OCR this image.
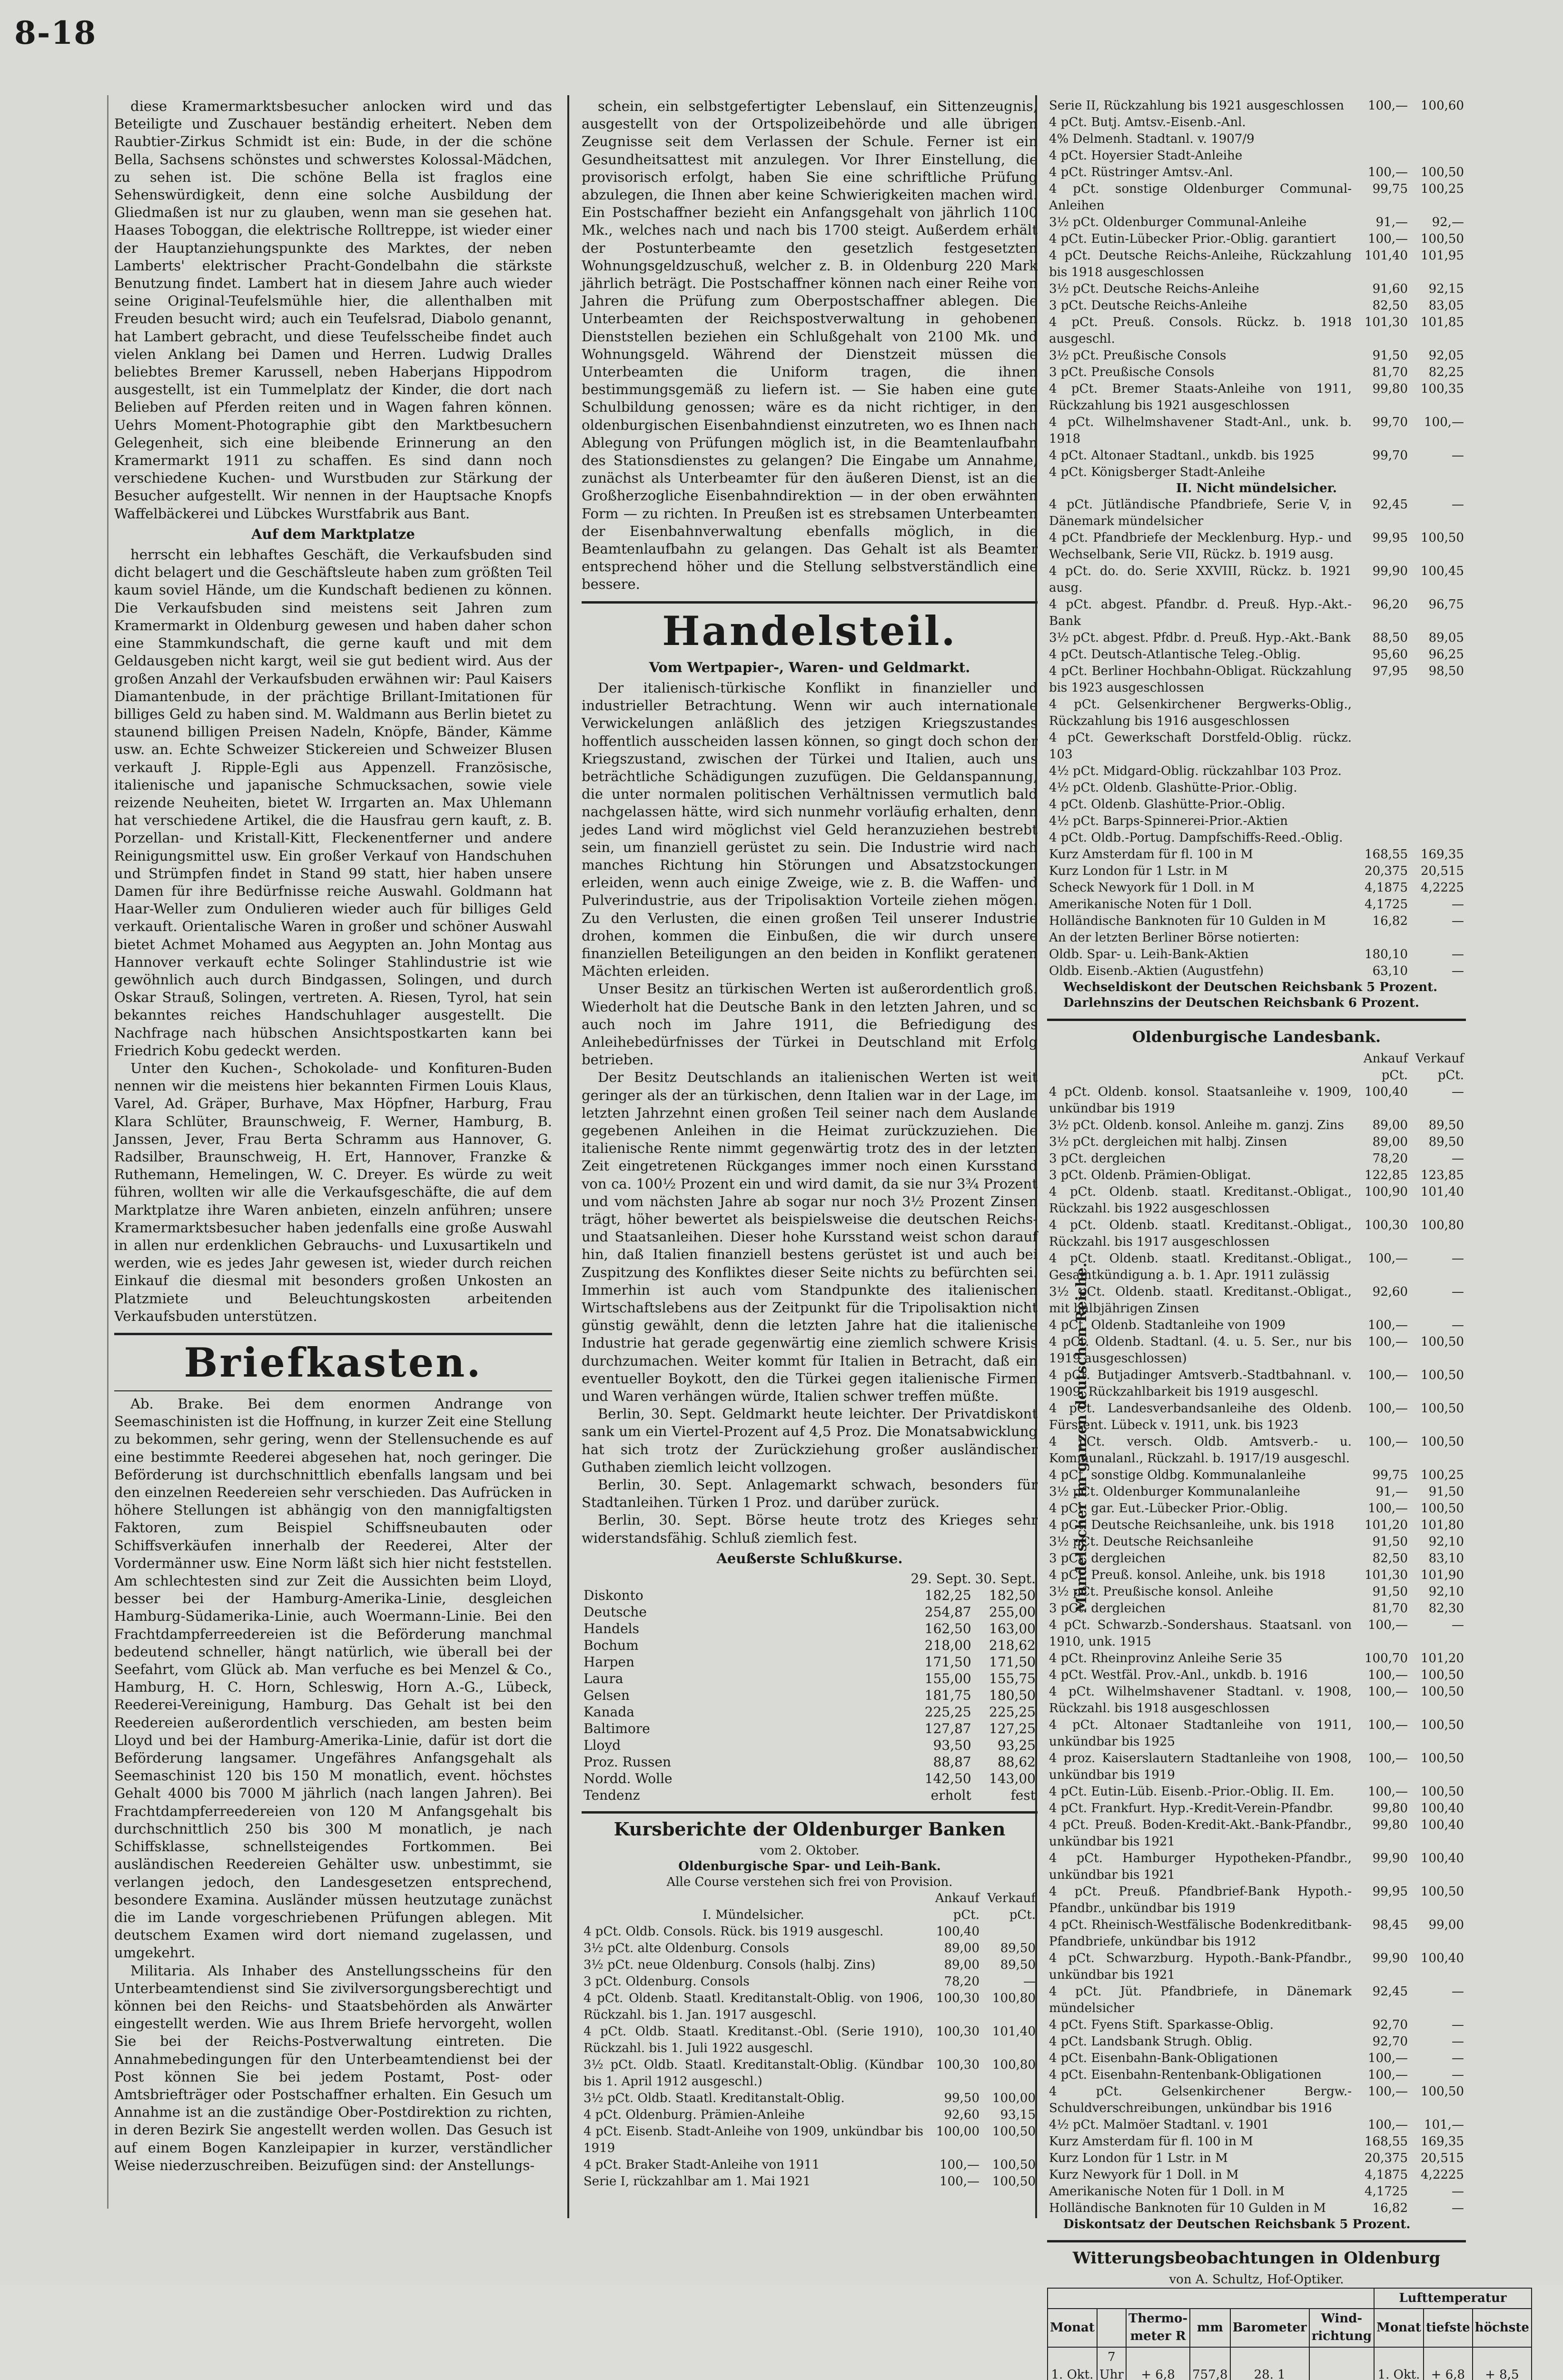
8-18

diese Kramermarktsbesucher anlocken wird und das Beteiligte und Zuschauer beständig erheitert. Neben dem Raubtier-Zirkus Schmidt ist ein: Bude, in der die schöne Bella, Sachsens schönstes und schwerstes Kolossal-Mädchen, zu sehen ist. Die schöne Bella ist fraglos eine Sehenswürdigkeit, denn eine solche Ausbildung der Gliedmaßen ist nur zu glauben, wenn man sie gesehen hat. Haases Toboggan, die elektrische Rolltreppe, ist wieder einer der Hauptanziehungspunkte des Marktes, der neben Lamberts' elektrischer Pracht-Gondelbahn die stärkste Benutzung findet. Lambert hat in diesem Jahre auch wieder seine Original-Teufelsmühle hier, die allenthalben mit Freuden besucht wird; auch ein Teufelsrad, Diabolo genannt, hat Lambert gebracht, und diese Teufelsscheibe findet auch vielen Anklang bei Damen und Herren. Ludwig Dralles beliebtes Bremer Karussell, neben Haberjans Hippodrom ausgestellt, ist ein Tummelplatz der Kinder, die dort nach Belieben auf Pferden reiten und in Wagen fahren können. Uehrs Moment-Photographie gibt den Marktbesuchern Gelegenheit, sich eine bleibende Erinnerung an den Kramermarkt 1911 zu schaffen. Es sind dann noch verschiedene Kuchen- und Wurstbuden zur Stärkung der Besucher aufgestellt. Wir nennen in der Hauptsache Knopfs Waffelbäckerei und Lübckes Wurstfabrik aus Bant.

Auf dem Marktplatze

herrscht ein lebhaftes Geschäft, die Verkaufsbuden sind dicht belagert und die Geschäftsleute haben zum größten Teil kaum soviel Hände, um die Kundschaft bedienen zu können. Die Verkaufsbuden sind meistens seit Jahren zum Kramermarkt in Oldenburg gewesen und haben daher schon eine Stammkundschaft, die gerne kauft und mit dem Geldausgeben nicht kargt, weil sie gut bedient wird. Aus der großen Anzahl der Verkaufsbuden erwähnen wir: Paul Kaisers Diamantenbude, in der prächtige Brillant-Imitationen für billiges Geld zu haben sind. M. Waldmann aus Berlin bietet zu staunend billigen Preisen Nadeln, Knöpfe, Bänder, Kämme usw. an. Echte Schweizer Stickereien und Schweizer Blusen verkauft J. Ripple-Egli aus Appenzell. Französische, italienische und japanische Schmucksachen, sowie viele reizende Neuheiten, bietet W. Irrgarten an. Max Uhlemann hat verschiedene Artikel, die die Hausfrau gern kauft, z. B. Porzellan- und Kristall-Kitt, Fleckenentferner und andere Reinigungsmittel usw. Ein großer Verkauf von Handschuhen und Strümpfen findet in Stand 99 statt, hier haben unsere Damen für ihre Bedürfnisse reiche Auswahl. Goldmann hat Haar-Weller zum Ondulieren wieder auch für billiges Geld verkauft. Orientalische Waren in großer und schöner Auswahl bietet Achmet Mohamed aus Aegypten an. John Montag aus Hannover verkauft echte Solinger Stahlindustrie ist wie gewöhnlich auch durch Bindgassen, Solingen, und durch Oskar Strauß, Solingen, vertreten. A. Riesen, Tyrol, hat sein bekanntes reiches Handschuhlager ausgestellt. Die Nachfrage nach hübschen Ansichtspostkarten kann bei Friedrich Kobu gedeckt werden.

Unter den Kuchen-, Schokolade- und Konfituren-Buden nennen wir die meistens hier bekannten Firmen Louis Klaus, Varel, Ad. Gräper, Burhave, Max Höpfner, Harburg, Frau Klara Schlüter, Braunschweig, F. Werner, Hamburg, B. Janssen, Jever, Frau Berta Schramm aus Hannover, G. Radsilber, Braunschweig, H. Ert, Hannover, Franzke & Ruthemann, Hemelingen, W. C. Dreyer. Es würde zu weit führen, wollten wir alle die Verkaufsgeschäfte, die auf dem Marktplatze ihre Waren anbieten, einzeln anführen; unsere Kramermarktsbesucher haben jedenfalls eine große Auswahl in allen nur erdenklichen Gebrauchs- und Luxusartikeln und werden, wie es jedes Jahr gewesen ist, wieder durch reichen Einkauf die diesmal mit besonders großen Unkosten an Platzmiete und Beleuchtungskosten arbeitenden Verkaufsbuden unterstützen.

Briefkasten.

Ab. Brake. Bei dem enormen Andrange von Seemaschinisten ist die Hoffnung, in kurzer Zeit eine Stellung zu bekommen, sehr gering, wenn der Stellensuchende es auf eine bestimmte Reederei abgesehen hat, noch geringer. Die Beförderung ist durchschnittlich ebenfalls langsam und bei den einzelnen Reedereien sehr verschieden. Das Aufrücken in höhere Stellungen ist abhängig von den mannigfaltigsten Faktoren, zum Beispiel Schiffsneubauten oder Schiffsverkäufen innerhalb der Reederei, Alter der Vordermänner usw. Eine Norm läßt sich hier nicht feststellen. Am schlechtesten sind zur Zeit die Aussichten beim Lloyd, besser bei der Hamburg-Amerika-Linie, desgleichen Hamburg-Südamerika-Linie, auch Woermann-Linie. Bei den Frachtdampferreedereien ist die Beförderung manchmal bedeutend schneller, hängt natürlich, wie überall bei der Seefahrt, vom Glück ab. Man verfuche es bei Menzel & Co., Hamburg, H. C. Horn, Schleswig, Horn A.-G., Lübeck, Reederei-Vereinigung, Hamburg. Das Gehalt ist bei den Reedereien außerordentlich verschieden, am besten beim Lloyd und bei der Hamburg-Amerika-Linie, dafür ist dort die Beförderung langsamer. Ungefähres Anfangsgehalt als Seemaschinist 120 bis 150 M monatlich, event. höchstes Gehalt 4000 bis 7000 M jährlich (nach langen Jahren). Bei Frachtdampferreedereien von 120 M Anfangsgehalt bis durchschnittlich 250 bis 300 M monatlich, je nach Schiffsklasse, schnellsteigendes Fortkommen. Bei ausländischen Reedereien Gehälter usw. unbestimmt, sie verlangen jedoch, den Landesgesetzen entsprechend, besondere Examina. Ausländer müssen heutzutage zunächst die im Lande vorgeschriebenen Prüfungen ablegen. Mit deutschem Examen wird dort niemand zugelassen, und umgekehrt.

Militaria. Als Inhaber des Anstellungsscheins für den Unterbeamtendienst sind Sie zivilversorgungsberechtigt und können bei den Reichs- und Staatsbehörden als Anwärter eingestellt werden. Wie aus Ihrem Briefe hervorgeht, wollen Sie bei der Reichs-Postverwaltung eintreten. Die Annahmebedingungen für den Unterbeamtendienst bei der Post können Sie bei jedem Postamt, Post- oder Amtsbriefträger oder Postschaffner erhalten. Ein Gesuch um Annahme ist an die zuständige Ober-Postdirektion zu richten, in deren Bezirk Sie angestellt werden wollen. Das Gesuch ist auf einem Bogen Kanzleipapier in kurzer, verständlicher Weise niederzuschreiben. Beizufügen sind: der Anstellungs-

schein, ein selbstgefertigter Lebenslauf, ein Sittenzeugnis, ausgestellt von der Ortspolizeibehörde und alle übrigen Zeugnisse seit dem Verlassen der Schule. Ferner ist ein Gesundheitsattest mit anzulegen. Vor Ihrer Einstellung, die provisorisch erfolgt, haben Sie eine schriftliche Prüfung abzulegen, die Ihnen aber keine Schwierigkeiten machen wird. Ein Postschaffner bezieht ein Anfangsgehalt von jährlich 1100 Mk., welches nach und nach bis 1700 steigt. Außerdem erhält der Postunterbeamte den gesetzlich festgesetzten Wohnungsgeldzuschuß, welcher z. B. in Oldenburg 220 Mark jährlich beträgt. Die Postschaffner können nach einer Reihe von Jahren die Prüfung zum Oberpostschaffner ablegen. Die Unterbeamten der Reichspostverwaltung in gehobenen Dienststellen beziehen ein Schlußgehalt von 2100 Mk. und Wohnungsgeld. Während der Dienstzeit müssen die Unterbeamten die Uniform tragen, die ihnen bestimmungsgemäß zu liefern ist. — Sie haben eine gute Schulbildung genossen; wäre es da nicht richtiger, in den oldenburgischen Eisenbahndienst einzutreten, wo es Ihnen nach Ablegung von Prüfungen möglich ist, in die Beamtenlaufbahn des Stationsdienstes zu gelangen? Die Eingabe um Annahme, zunächst als Unterbeamter für den äußeren Dienst, ist an die Großherzogliche Eisenbahndirektion — in der oben erwähnten Form — zu richten. In Preußen ist es strebsamen Unterbeamten der Eisenbahnverwaltung ebenfalls möglich, in die Beamtenlaufbahn zu gelangen. Das Gehalt ist als Beamter entsprechend höher und die Stellung selbstverständlich eine bessere.

Handelsteil.

Vom Wertpapier-, Waren- und Geldmarkt.

Der italienisch-türkische Konflikt in finanzieller und industrieller Betrachtung. Wenn wir auch internationale Verwickelungen anläßlich des jetzigen Kriegszustandes hoffentlich ausscheiden lassen können, so gingt doch schon der Kriegszustand, zwischen der Türkei und Italien, auch uns beträchtliche Schädigungen zuzufügen. Die Geldanspannung, die unter normalen politischen Verhältnissen vermutlich bald nachgelassen hätte, wird sich nunmehr vorläufig erhalten, denn jedes Land wird möglichst viel Geld heranzuziehen bestrebt sein, um finanziell gerüstet zu sein. Die Industrie wird nach manches Richtung hin Störungen und Absatzstockungen erleiden, wenn auch einige Zweige, wie z. B. die Waffen- und Pulverindustrie, aus der Tripolisaktion Vorteile ziehen mögen. Zu den Verlusten, die einen großen Teil unserer Industrie drohen, kommen die Einbußen, die wir durch unsere finanziellen Beteiligungen an den beiden in Konflikt geratenen Mächten erleiden.

Unser Besitz an türkischen Werten ist außerordentlich groß. Wiederholt hat die Deutsche Bank in den letzten Jahren, und so auch noch im Jahre 1911, die Befriedigung des Anleihebedürfnisses der Türkei in Deutschland mit Erfolg betrieben.

Der Besitz Deutschlands an italienischen Werten ist weit geringer als der an türkischen, denn Italien war in der Lage, im letzten Jahrzehnt einen großen Teil seiner nach dem Auslande gegebenen Anleihen in die Heimat zurückzuziehen. Die italienische Rente nimmt gegenwärtig trotz des in der letzten Zeit eingetretenen Rückganges immer noch einen Kursstand von ca. 100½ Prozent ein und wird damit, da sie nur 3¾ Prozent und vom nächsten Jahre ab sogar nur noch 3½ Prozent Zinsen trägt, höher bewertet als beispielsweise die deutschen Reichs- und Staatsanleihen. Dieser hohe Kursstand weist schon darauf hin, daß Italien finanziell bestens gerüstet ist und auch bei Zuspitzung des Konfliktes dieser Seite nichts zu befürchten sei. Immerhin ist auch vom Standpunkte des italienischen Wirtschaftslebens aus der Zeitpunkt für die Tripolisaktion nicht günstig gewählt, denn die letzten Jahre hat die italienische Industrie hat gerade gegenwärtig eine ziemlich schwere Krisis durchzumachen. Weiter kommt für Italien in Betracht, daß ein eventueller Boykott, den die Türkei gegen italienische Firmen und Waren verhängen würde, Italien schwer treffen müßte.

Berlin, 30. Sept. Geldmarkt heute leichter. Der Privatdiskont sank um ein Viertel-Prozent auf 4,5 Proz. Die Monatsabwicklung hat sich trotz der Zurückziehung großer ausländischer Guthaben ziemlich leicht vollzogen.

Berlin, 30. Sept. Anlagemarkt schwach, besonders für Stadtanleihen. Türken 1 Proz. und darüber zurück.

Berlin, 30. Sept. Börse heute trotz des Krieges sehr widerstandsfähig. Schluß ziemlich fest.

Aeußerste Schlußkurse.

	29. Sept.	30. Sept.
Diskonto	182,25	182,50
Deutsche	254,87	255,00
Handels	162,50	163,00
Bochum	218,00	218,62
Harpen	171,50	171,50
Laura	155,00	155,75
Gelsen	181,75	180,50
Kanada	225,25	225,25
Baltimore	127,87	127,25
Lloyd	93,50	93,25
Proz. Russen	88,87	88,62
Nordd. Wolle	142,50	143,00
Tendenz	erholt	fest
Kursberichte der Oldenburger Banken

vom 2. Oktober.

Oldenburgische Spar- und Leih-Bank.

Alle Course verstehen sich frei von Provision.

	Ankauf	Verkauf
I. Mündelsicher.	pCt.	pCt.
4 pCt. Oldb. Consols. Rück. bis 1919 ausgeschl.	100,40	
3½ pCt. alte Oldenburg. Consols	89,00	89,50
3½ pCt. neue Oldenburg. Consols (halbj. Zins)	89,00	89,50
3 pCt. Oldenburg. Consols	78,20	—
4 pCt. Oldenb. Staatl. Kreditanstalt-Oblig. von 1906, Rückzahl. bis 1. Jan. 1917 ausgeschl.	100,30	100,80
4 pCt. Oldb. Staatl. Kreditanst.-Obl. (Serie 1910), Rückzahl. bis 1. Juli 1922 ausgeschl.	100,30	101,40
3½ pCt. Oldb. Staatl. Kreditanstalt-Oblig. (Kündbar bis 1. April 1912 ausgeschl.)	100,30	100,80
3½ pCt. Oldb. Staatl. Kreditanstalt-Oblig.	99,50	100,00
4 pCt. Oldenburg. Prämien-Anleihe	92,60	93,15
4 pCt. Eisenb. Stadt-Anleihe von 1909, unkündbar bis 1919	100,00	100,50
4 pCt. Braker Stadt-Anleihe von 1911	100,—	100,50
Serie I, rückzahlbar am 1. Mai 1921	100,—	100,50
Serie II, Rückzahlung bis 1921 ausgeschlossen	100,—	100,60
4 pCt. Butj. Amtsv.-Eisenb.-Anl.		
4% Delmenh. Stadtanl. v. 1907/9		
4 pCt. Hoyersier Stadt-Anleihe		
4 pCt. Rüstringer Amtsv.-Anl.	100,—	100,50
4 pCt. sonstige Oldenburger Communal-Anleihen	99,75	100,25
3½ pCt. Oldenburger Communal-Anleihe	91,—	92,—
4 pCt. Eutin-Lübecker Prior.-Oblig. garantiert	100,—	100,50
4 pCt. Deutsche Reichs-Anleihe, Rückzahlung bis 1918 ausgeschlossen	101,40	101,95
3½ pCt. Deutsche Reichs-Anleihe	91,60	92,15
3 pCt. Deutsche Reichs-Anleihe	82,50	83,05
4 pCt. Preuß. Consols. Rückz. b. 1918 ausgeschl.	101,30	101,85
3½ pCt. Preußische Consols	91,50	92,05
3 pCt. Preußische Consols	81,70	82,25
4 pCt. Bremer Staats-Anleihe von 1911, Rückzahlung bis 1921 ausgeschlossen	99,80	100,35
4 pCt. Wilhelmshavener Stadt-Anl., unk. b. 1918	99,70	100,—
4 pCt. Altonaer Stadtanl., unkdb. bis 1925	99,70	—
4 pCt. Königsberger Stadt-Anleihe		

II. Nicht mündelsicher.

4 pCt. Jütländische Pfandbriefe, Serie V, in Dänemark mündelsicher	92,45	—
4 pCt. Pfandbriefe der Mecklenburg. Hyp.- und Wechselbank, Serie VII, Rückz. b. 1919 ausg.	99,95	100,50
4 pCt. do. do. Serie XXVIII, Rückz. b. 1921 ausg.	99,90	100,45
4 pCt. abgest. Pfandbr. d. Preuß. Hyp.-Akt.-Bank	96,20	96,75
3½ pCt. abgest. Pfdbr. d. Preuß. Hyp.-Akt.-Bank	88,50	89,05
4 pCt. Deutsch-Atlantische Teleg.-Oblig.	95,60	96,25
4 pCt. Berliner Hochbahn-Obligat. Rückzahlung bis 1923 ausgeschlossen	97,95	98,50
4 pCt. Gelsenkirchener Bergwerks-Oblig., Rückzahlung bis 1916 ausgeschlossen		
4 pCt. Gewerkschaft Dorstfeld-Oblig. rückz. 103		
4½ pCt. Midgard-Oblig. rückzahlbar 103 Proz.		
4½ pCt. Oldenb. Glashütte-Prior.-Oblig.		
4 pCt. Oldenb. Glashütte-Prior.-Oblig.		
4½ pCt. Barps-Spinnerei-Prior.-Aktien		
4 pCt. Oldb.-Portug. Dampfschiffs-Reed.-Oblig.		
Kurz Amsterdam für fl. 100 in M	168,55	169,35
Kurz London für 1 Lstr. in M	20,375	20,515
Scheck Newyork für 1 Doll. in M	4,1875	4,2225
Amerikanische Noten für 1 Doll.	4,1725	—
Holländische Banknoten für 10 Gulden in M	16,82	—
An der letzten Berliner Börse notierten:		
Oldb. Spar- u. Leih-Bank-Aktien	180,10	—
Oldb. Eisenb.-Aktien (Augustfehn)	63,10	—

Wechseldiskont der Deutschen Reichsbank 5 Prozent.

Darlehnszins der Deutschen Reichsbank 6 Prozent.

Oldenburgische Landesbank.
	Ankauf	Verkauf
	pCt.	pCt.
4 pCt. Oldenb. konsol. Staatsanleihe v. 1909, unkündbar bis 1919	100,40	—
3½ pCt. Oldenb. konsol. Anleihe m. ganzj. Zins	89,00	89,50
3½ pCt. dergleichen mit halbj. Zinsen	89,00	89,50
3 pCt. dergleichen	78,20	—
3 pCt. Oldenb. Prämien-Obligat.	122,85	123,85
4 pCt. Oldenb. staatl. Kreditanst.-Obligat., Rückzahl. bis 1922 ausgeschlossen	100,90	101,40
4 pCt. Oldenb. staatl. Kreditanst.-Obligat., Rückzahl. bis 1917 ausgeschlossen	100,30	100,80
4 pCt. Oldenb. staatl. Kreditanst.-Obligat., Gesamtkündigung a. b. 1. Apr. 1911 zulässig	100,—	—
3½ pCt. Oldenb. staatl. Kreditanst.-Obligat., mit halbjährigen Zinsen	92,60	—
4 pCt. Oldenb. Stadtanleihe von 1909	100,—	—
4 pCt. Oldenb. Stadtanl. (4. u. 5. Ser., nur bis 1919 ausgeschlossen)	100,—	100,50
4 pCt. Butjadinger Amtsverb.-Stadtbahnanl. v. 1909, Rückzahlbarkeit bis 1919 ausgeschl.	100,—	100,50
4 pCt. Landesverbandsanleihe des Oldenb. Fürstent. Lübeck v. 1911, unk. bis 1923	100,—	100,50
4 pCt. versch. Oldb. Amtsverb.- u. Kommunalanl., Rückzahl. b. 1917/19 ausgeschl.	100,—	100,50
4 pCt. sonstige Oldbg. Kommunalanleihe	99,75	100,25
3½ pCt. Oldenburger Kommunalanleihe	91,—	91,50
4 pCt. gar. Eut.-Lübecker Prior.-Oblig.	100,—	100,50
4 pCt. Deutsche Reichsanleihe, unk. bis 1918	101,20	101,80
3½ pCt. Deutsche Reichsanleihe	91,50	92,10
3 pCt. dergleichen	82,50	83,10
4 pCt. Preuß. konsol. Anleihe, unk. bis 1918	101,30	101,90
3½ pCt. Preußische konsol. Anleihe	91,50	92,10
3 pCt. dergleichen	81,70	82,30
4 pCt. Schwarzb.-Sondershaus. Staatsanl. von 1910, unk. 1915	100,—	—
4 pCt. Rheinprovinz Anleihe Serie 35	100,70	101,20
4 pCt. Westfäl. Prov.-Anl., unkdb. b. 1916	100,—	100,50
4 pCt. Wilhelmshavener Stadtanl. v. 1908, Rückzahl. bis 1918 ausgeschlossen	100,—	100,50
4 pCt. Altonaer Stadtanleihe von 1911, unkündbar bis 1925	100,—	100,50
4 proz. Kaiserslautern Stadtanleihe von 1908, unkündbar bis 1919	100,—	100,50
4 pCt. Eutin-Lüb. Eisenb.-Prior.-Oblig. II. Em.	100,—	100,50
4 pCt. Frankfurt. Hyp.-Kredit-Verein-Pfandbr.	99,80	100,40
4 pCt. Preuß. Boden-Kredit-Akt.-Bank-Pfandbr., unkündbar bis 1921	99,80	100,40
4 pCt. Hamburger Hypotheken-Pfandbr., unkündbar bis 1921	99,90	100,40
4 pCt. Preuß. Pfandbrief-Bank Hypoth.-Pfandbr., unkündbar bis 1919	99,95	100,50
4 pCt. Rheinisch-Westfälische Bodenkreditbank-Pfandbriefe, unkündbar bis 1912	98,45	99,00
4 pCt. Schwarzburg. Hypoth.-Bank-Pfandbr., unkündbar bis 1921	99,90	100,40
4 pCt. Jüt. Pfandbriefe, in Dänemark mündelsicher	92,45	—
4 pCt. Fyens Stift. Sparkasse-Oblig.	92,70	—
4 pCt. Landsbank Strugh. Oblig.	92,70	—
4 pCt. Eisenbahn-Bank-Obligationen	100,—	—
4 pCt. Eisenbahn-Rentenbank-Obligationen	100,—	—
4 pCt. Gelsenkirchener Bergw.-Schuldverschreibungen, unkündbar bis 1916	100,—	100,50
4½ pCt. Malmöer Stadtanl. v. 1901	100,—	101,—
Kurz Amsterdam für fl. 100 in M	168,55	169,35
Kurz London für 1 Lstr. in M	20,375	20,515
Kurz Newyork für 1 Doll. in M	4,1875	4,2225
Amerikanische Noten für 1 Doll. in M	4,1725	—
Holländische Banknoten für 10 Gulden in M	16,82	—

Diskontsatz der Deutschen Reichsbank 5 Prozent.

Witterungsbeobachtungen in Oldenburg

von A. Schultz, Hof-Optiker.

						Lufttemperatur		
Monat		Thermo-meter R	mm	Barometer	Wind-richtung	Monat	tiefste	höchste
1. Okt.	7 Uhr	+ 6,8	757,8	28. 1		1. Okt.	+ 6,8	+ 8,5

Mündelsicher im ganzen deutschen Reiche.
